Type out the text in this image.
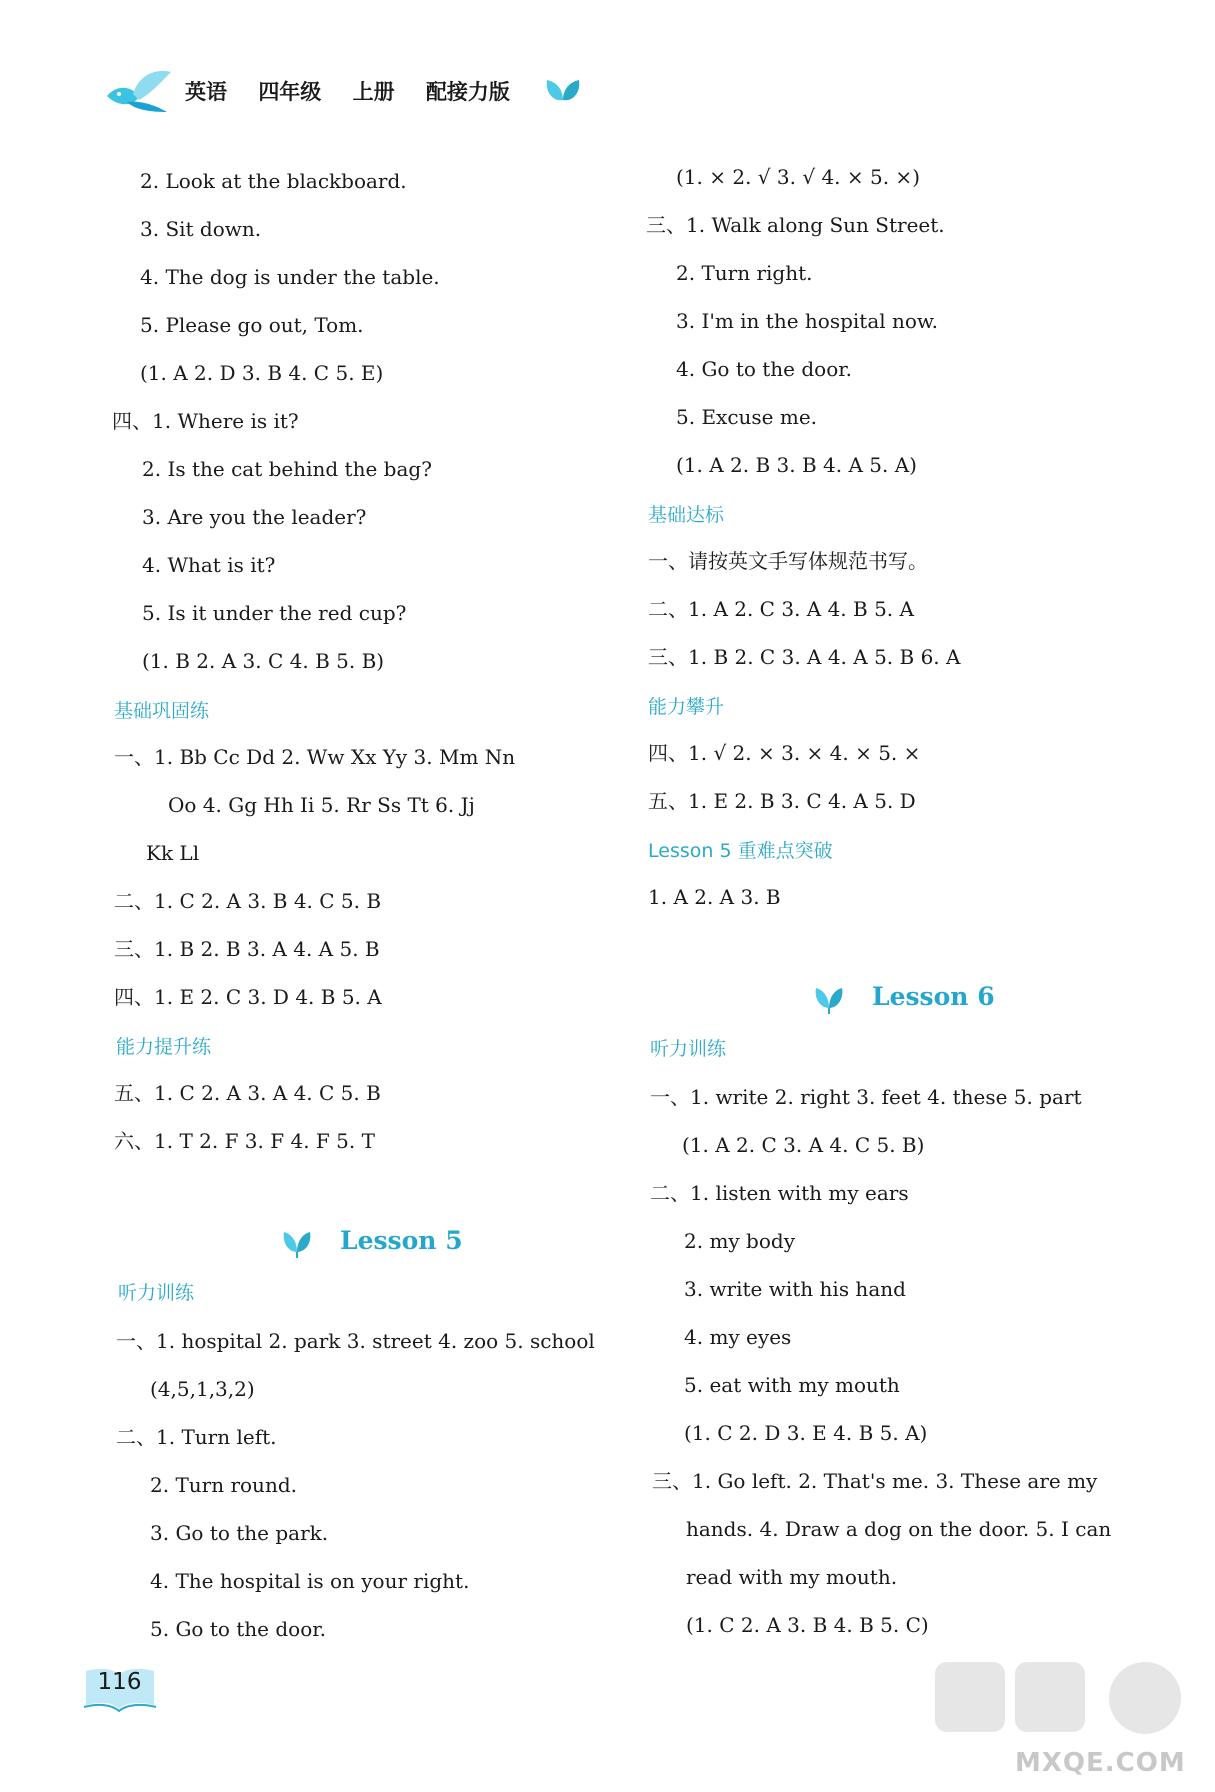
英语 四年级 上册 配接力版
2. Look at the blackboard.
3. Sit down.
4. The dog is under the table.
5. Please go out, Tom.
(1. A 2. D 3. B 4. C 5. E)
四、1. Where is it?
2. Is the cat behind the bag?
3. Are you the leader?
4. What is it?
5. Is it under the red cup?
(1. B 2. A 3. C 4. B 5. B)
基础巩固练
一、1. Bb Cc Dd 2. Ww Xx Yy 3. Mm Nn
Oo 4. Gg Hh Ii 5. Rr Ss Tt 6. Jj
Kk Ll
二、1. C 2. A 3. B 4. C 5. B
三、1. B 2. B 3. A 4. A 5. B
四、1. E 2. C 3. D 4. B 5. A
能力提升练
五、1. C 2. A 3. A 4. C 5. B
六、1. T 2. F 3. F 4. F 5. T
Lesson 5
听力训练
一、1. hospital 2. park 3. street 4. zoo 5. school
(4,5,1,3,2)
二、1. Turn left.
2. Turn round.
3. Go to the park.
4. The hospital is on your right.
5. Go to the door.
(1. × 2. √ 3. √ 4. × 5. ×)
三、1. Walk along Sun Street.
2. Turn right.
3. I'm in the hospital now.
4. Go to the door.
5. Excuse me.
(1. A 2. B 3. B 4. A 5. A)
基础达标
一、请按英文手写体规范书写。
二、1. A 2. C 3. A 4. B 5. A
三、1. B 2. C 3. A 4. A 5. B 6. A
能力攀升
四、1. √ 2. × 3. × 4. × 5. ×
五、1. E 2. B 3. C 4. A 5. D
Lesson 5 重难点突破
1. A 2. A 3. B
Lesson 6
听力训练
一、1. write 2. right 3. feet 4. these 5. part
(1. A 2. C 3. A 4. C 5. B)
二、1. listen with my ears
2. my body
3. write with his hand
4. my eyes
5. eat with my mouth
(1. C 2. D 3. E 4. B 5. A)
三、1. Go left. 2. That's me. 3. These are my
hands. 4. Draw a dog on the door. 5. I can
read with my mouth.
(1. C 2. A 3. B 4. B 5. C)
116
MXQE.COM
